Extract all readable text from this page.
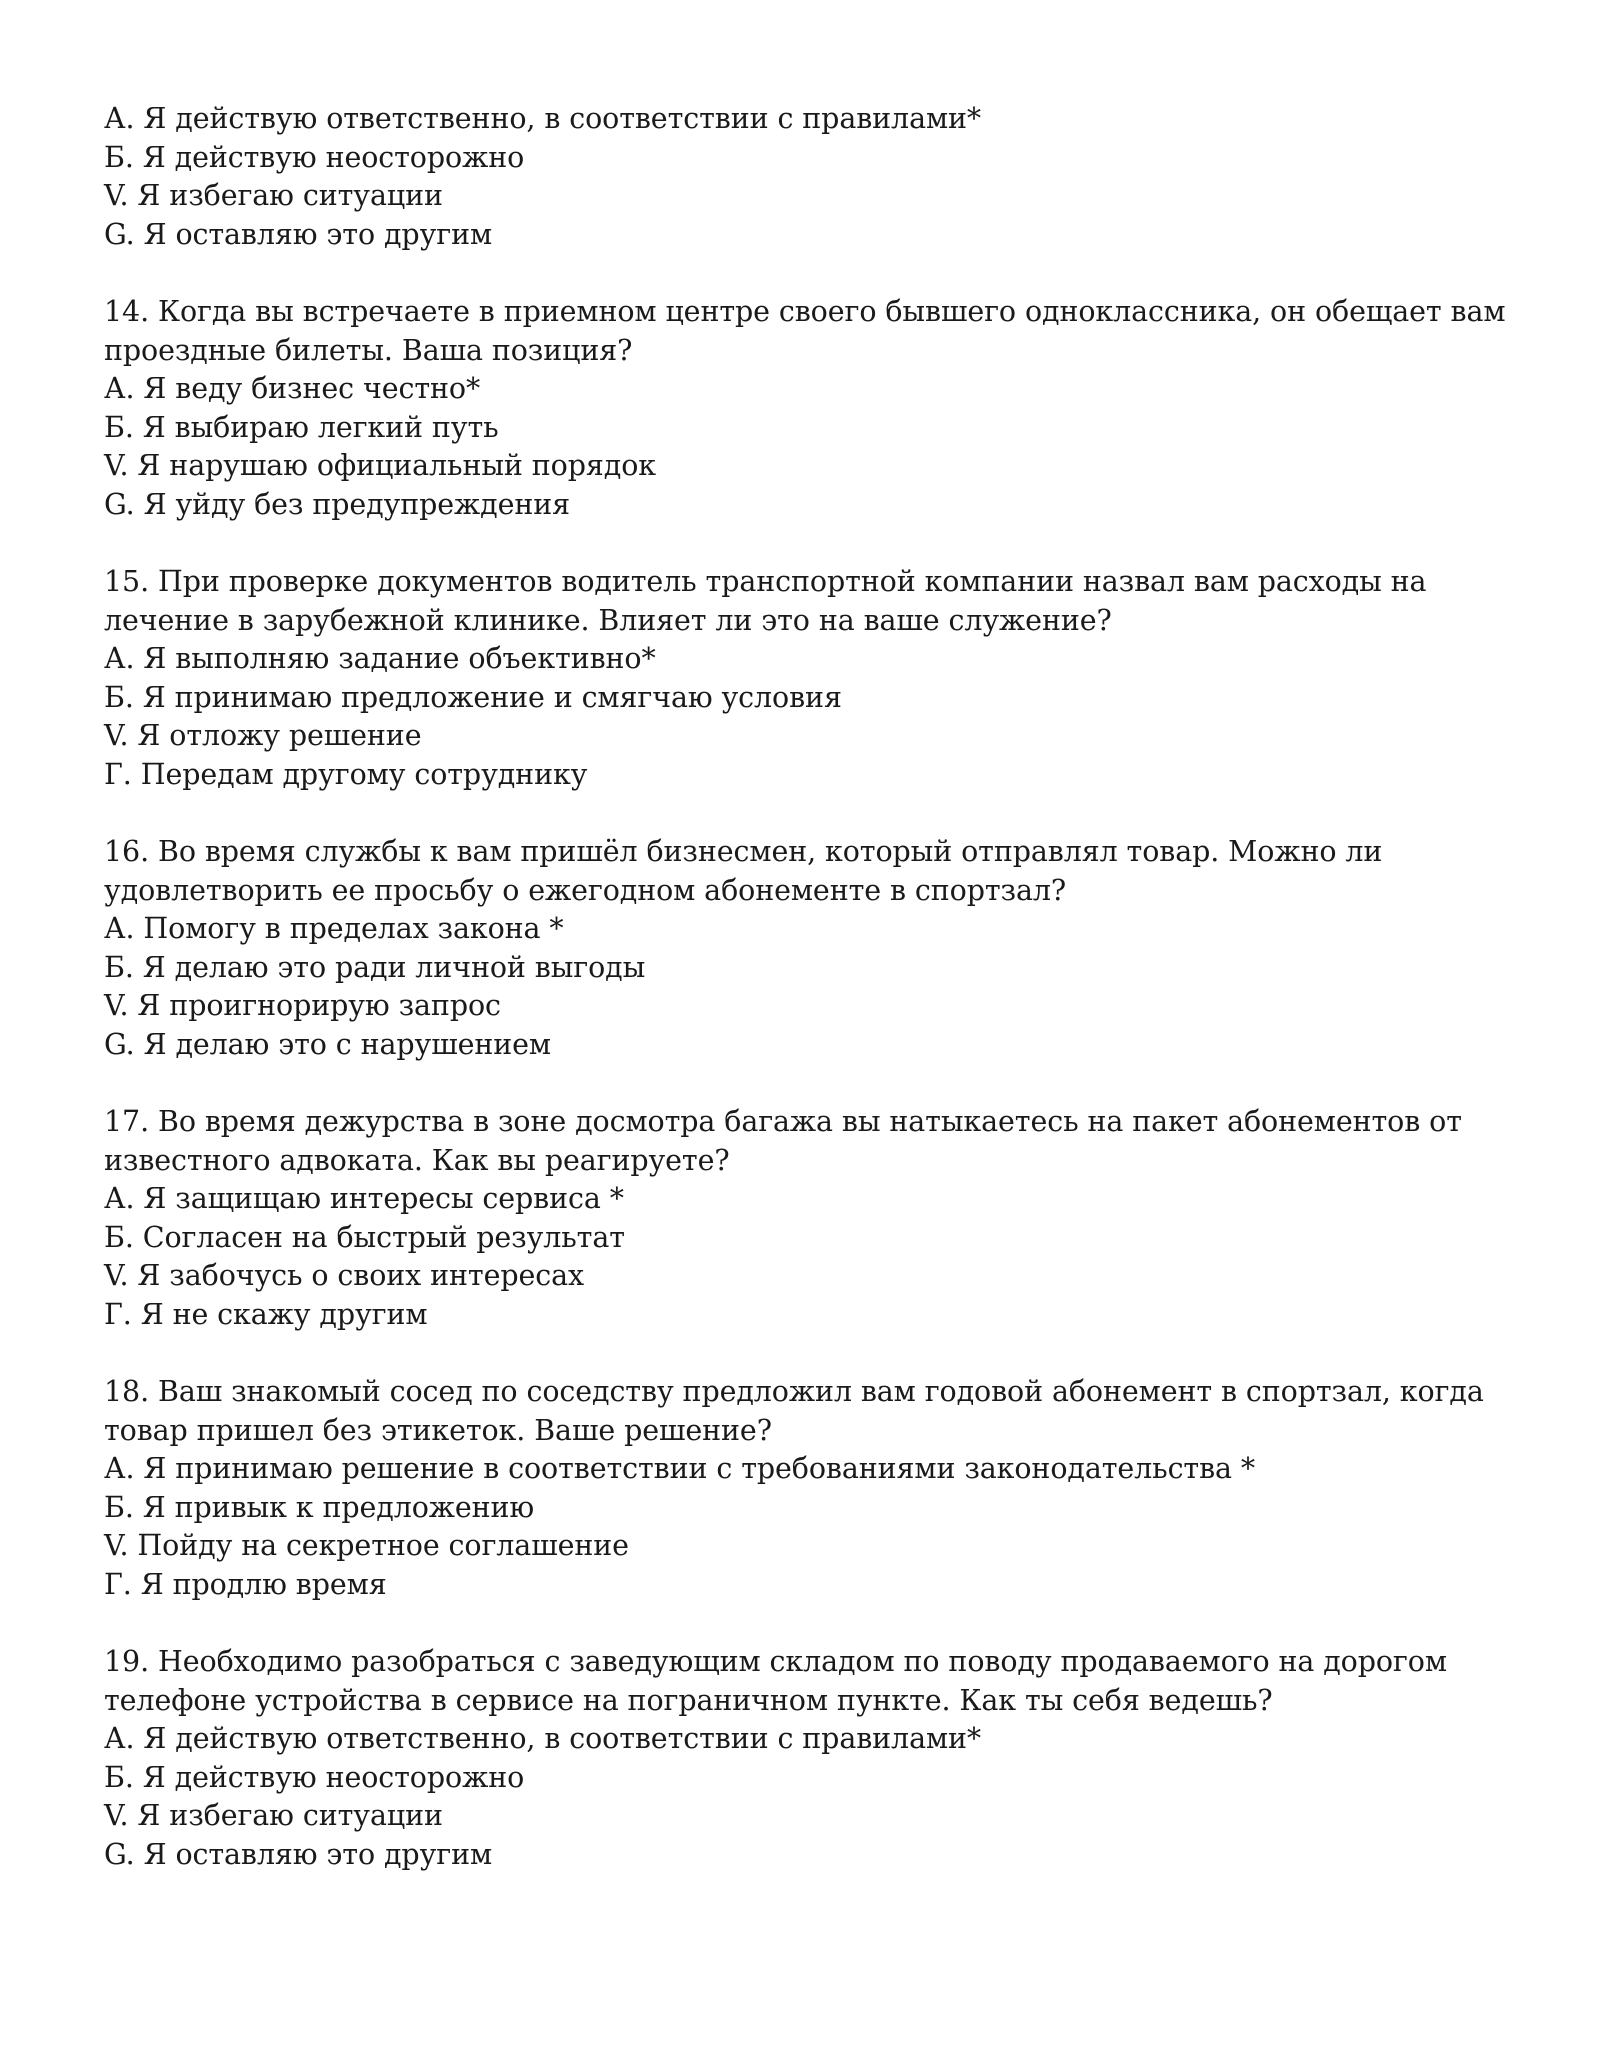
А. Я действую ответственно, в соответствии с правилами*
Б. Я действую неосторожно
V. Я избегаю ситуации
G. Я оставляю это другим
14. Когда вы встречаете в приемном центре своего бывшего одноклассника, он обещает вам
проездные билеты. Ваша позиция?
А. Я веду бизнес честно*
Б. Я выбираю легкий путь
V. Я нарушаю официальный порядок
G. Я уйду без предупреждения
15. При проверке документов водитель транспортной компании назвал вам расходы на
лечение в зарубежной клинике. Влияет ли это на ваше служение?
А. Я выполняю задание объективно*
Б. Я принимаю предложение и смягчаю условия
V. Я отложу решение
Г. Передам другому сотруднику
16. Во время службы к вам пришёл бизнесмен, который отправлял товар. Можно ли
удовлетворить ее просьбу о ежегодном абонементе в спортзал?
А. Помогу в пределах закона *
Б. Я делаю это ради личной выгоды
V. Я проигнорирую запрос
G. Я делаю это с нарушением
17. Во время дежурства в зоне досмотра багажа вы натыкаетесь на пакет абонементов от
известного адвоката. Как вы реагируете?
А. Я защищаю интересы сервиса *
Б. Согласен на быстрый результат
V. Я забочусь о своих интересах
Г. Я не скажу другим
18. Ваш знакомый сосед по соседству предложил вам годовой абонемент в спортзал, когда
товар пришел без этикеток. Ваше решение?
А. Я принимаю решение в соответствии с требованиями законодательства *
Б. Я привык к предложению
V. Пойду на секретное соглашение
Г. Я продлю время
19. Необходимо разобраться с заведующим складом по поводу продаваемого на дорогом
телефоне устройства в сервисе на пограничном пункте. Как ты себя ведешь?
А. Я действую ответственно, в соответствии с правилами*
Б. Я действую неосторожно
V. Я избегаю ситуации
G. Я оставляю это другим
